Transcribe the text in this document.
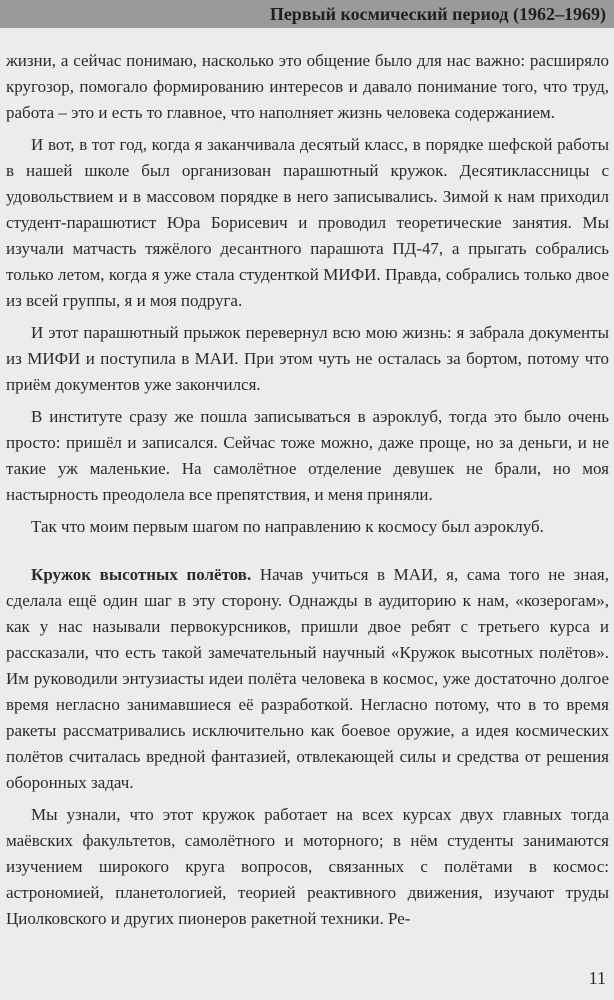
Первый космический период (1962–1969)

жизни, а сейчас понимаю, насколько это общение было для нас важно: расширяло кругозор, помогало формированию интересов и давало понимание того, что труд, работа – это и есть то главное, что наполняет жизнь человека содержанием.

И вот, в тот год, когда я заканчивала десятый класс, в порядке шефской работы в нашей школе был организован парашютный кружок. Десятиклассницы с удовольствием и в массовом порядке в него записывались. Зимой к нам приходил студент-парашютист Юра Борисевич и проводил теоретические занятия. Мы изучали матчасть тяжёлого десантного парашюта ПД-47, а прыгать собрались только летом, когда я уже стала студенткой МИФИ. Правда, собрались только двое из всей группы, я и моя подруга.

И этот парашютный прыжок перевернул всю мою жизнь: я забрала документы из МИФИ и поступила в МАИ. При этом чуть не осталась за бортом, потому что приём документов уже закончился.

В институте сразу же пошла записываться в аэроклуб, тогда это было очень просто: пришёл и записался. Сейчас тоже можно, даже проще, но за деньги, и не такие уж маленькие. На самолётное отделение девушек не брали, но моя настырность преодолела все препятствия, и меня приняли.

Так что моим первым шагом по направлению к космосу был аэроклуб.

Кружок высотных полётов. Начав учиться в МАИ, я, сама того не зная, сделала ещё один шаг в эту сторону. Однажды в аудиторию к нам, «козерогам», как у нас называли первокурсников, пришли двое ребят с третьего курса и рассказали, что есть такой замечательный научный «Кружок высотных полётов». Им руководили энтузиасты идеи полёта человека в космос, уже достаточно долгое время негласно занимавшиеся её разработкой. Негласно потому, что в то время ракеты рассматривались исключительно как боевое оружие, а идея космических полётов считалась вредной фантазией, отвлекающей силы и средства от решения оборонных задач.

Мы узнали, что этот кружок работает на всех курсах двух главных тогда маёвских факультетов, самолётного и моторного; в нём студенты занимаются изучением широкого круга вопросов, связанных с полётами в космос: астрономией, планетологией, теорией реактивного движения, изучают труды Циолковского и других пионеров ракетной техники. Ре-

11
